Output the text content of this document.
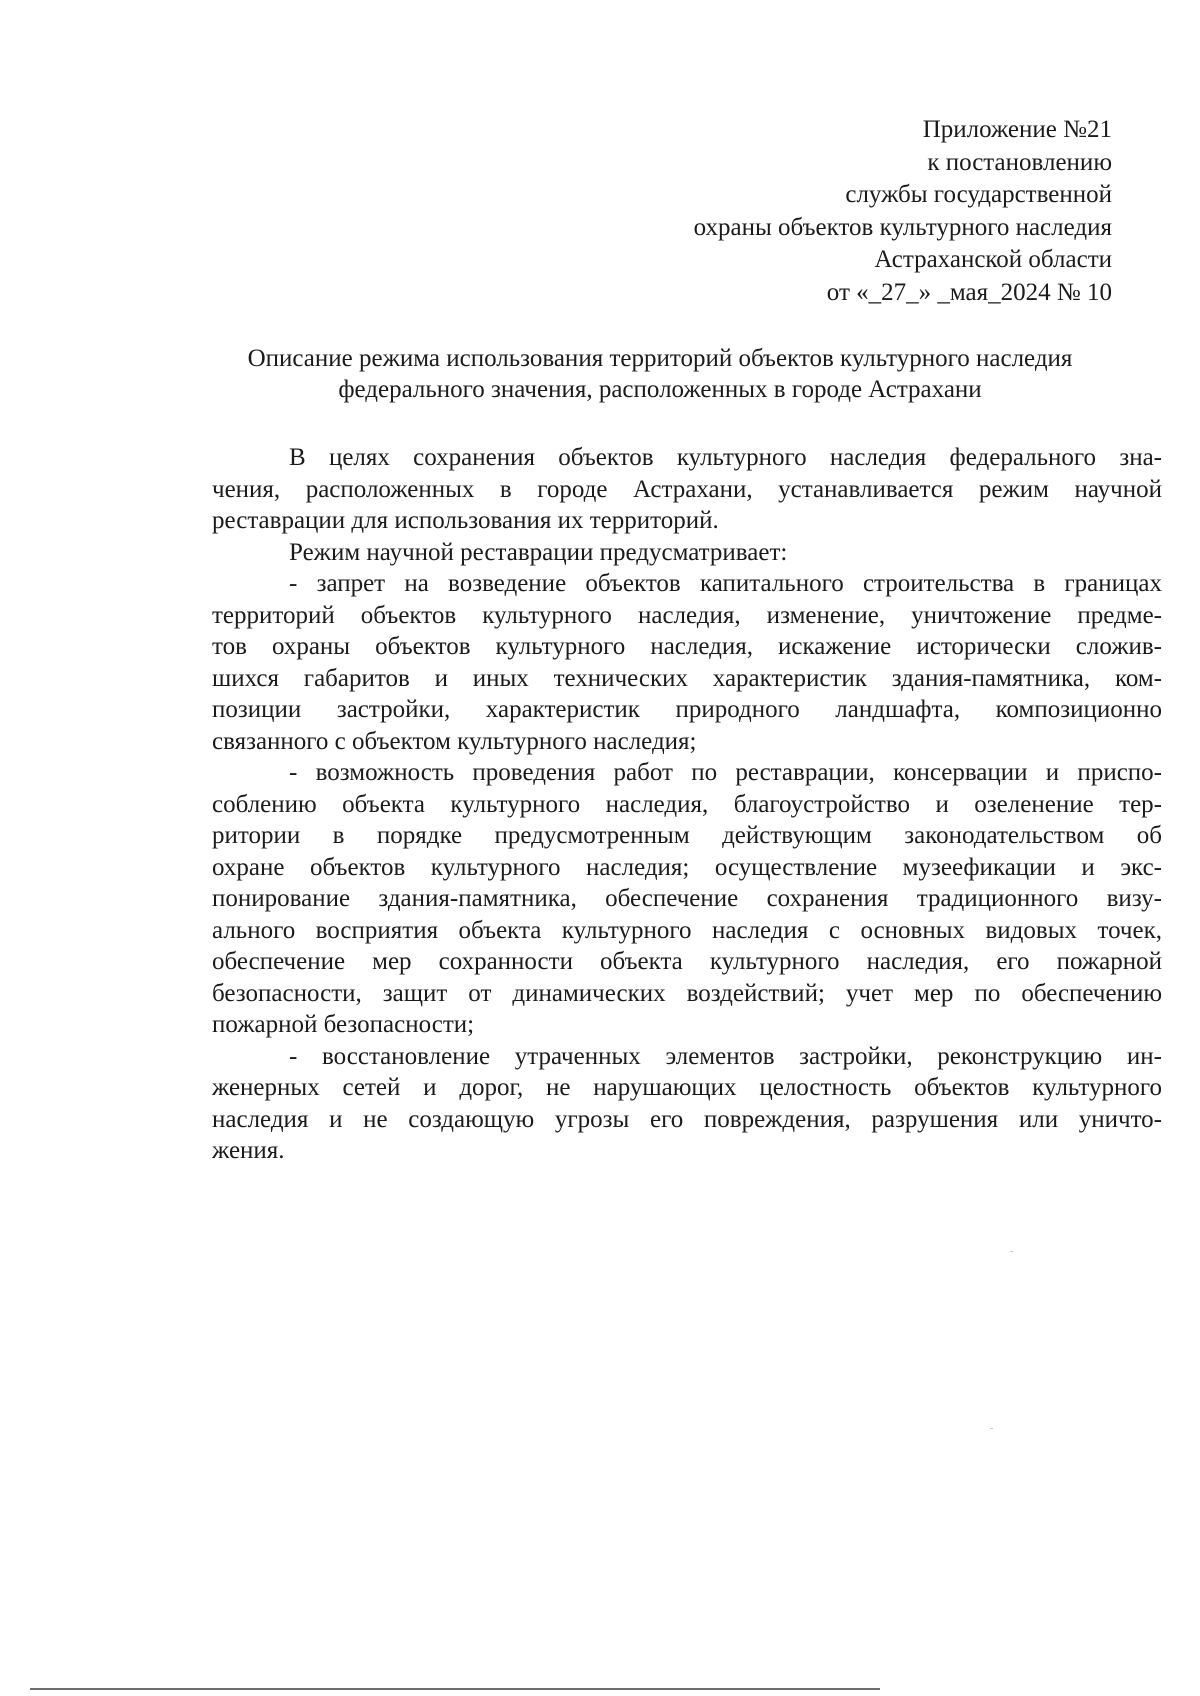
Приложение №21
к постановлению
службы государственной
охраны объектов культурного наследия
Астраханской области
от «_27_» _мая_2024 № 10
Описание режима использования территорий объектов культурного наследия
федерального значения, расположенных в городе Астрахани
В целях сохранения объектов культурного наследия федерального зна-
чения, расположенных в городе Астрахани, устанавливается режим научной
реставрации для использования их территорий.
Режим научной реставрации предусматривает:
- запрет на возведение объектов капитального строительства в границах
территорий объектов культурного наследия, изменение, уничтожение предме-
тов охраны объектов культурного наследия, искажение исторически сложив-
шихся габаритов и иных технических характеристик здания-памятника, ком-
позиции застройки, характеристик природного ландшафта, композиционно
связанного с объектом культурного наследия;
- возможность проведения работ по реставрации, консервации и приспо-
соблению объекта культурного наследия, благоустройство и озеленение тер-
ритории в порядке предусмотренным действующим законодательством об
охране объектов культурного наследия; осуществление музеефикации и экс-
понирование здания-памятника, обеспечение сохранения традиционного визу-
ального восприятия объекта культурного наследия с основных видовых точек,
обеспечение мер сохранности объекта культурного наследия, его пожарной
безопасности, защит от динамических воздействий; учет мер по обеспечению
пожарной безопасности;
- восстановление утраченных элементов застройки, реконструкцию ин-
женерных сетей и дорог, не нарушающих целостность объектов культурного
наследия и не создающую угрозы его повреждения, разрушения или уничто-
жения.
